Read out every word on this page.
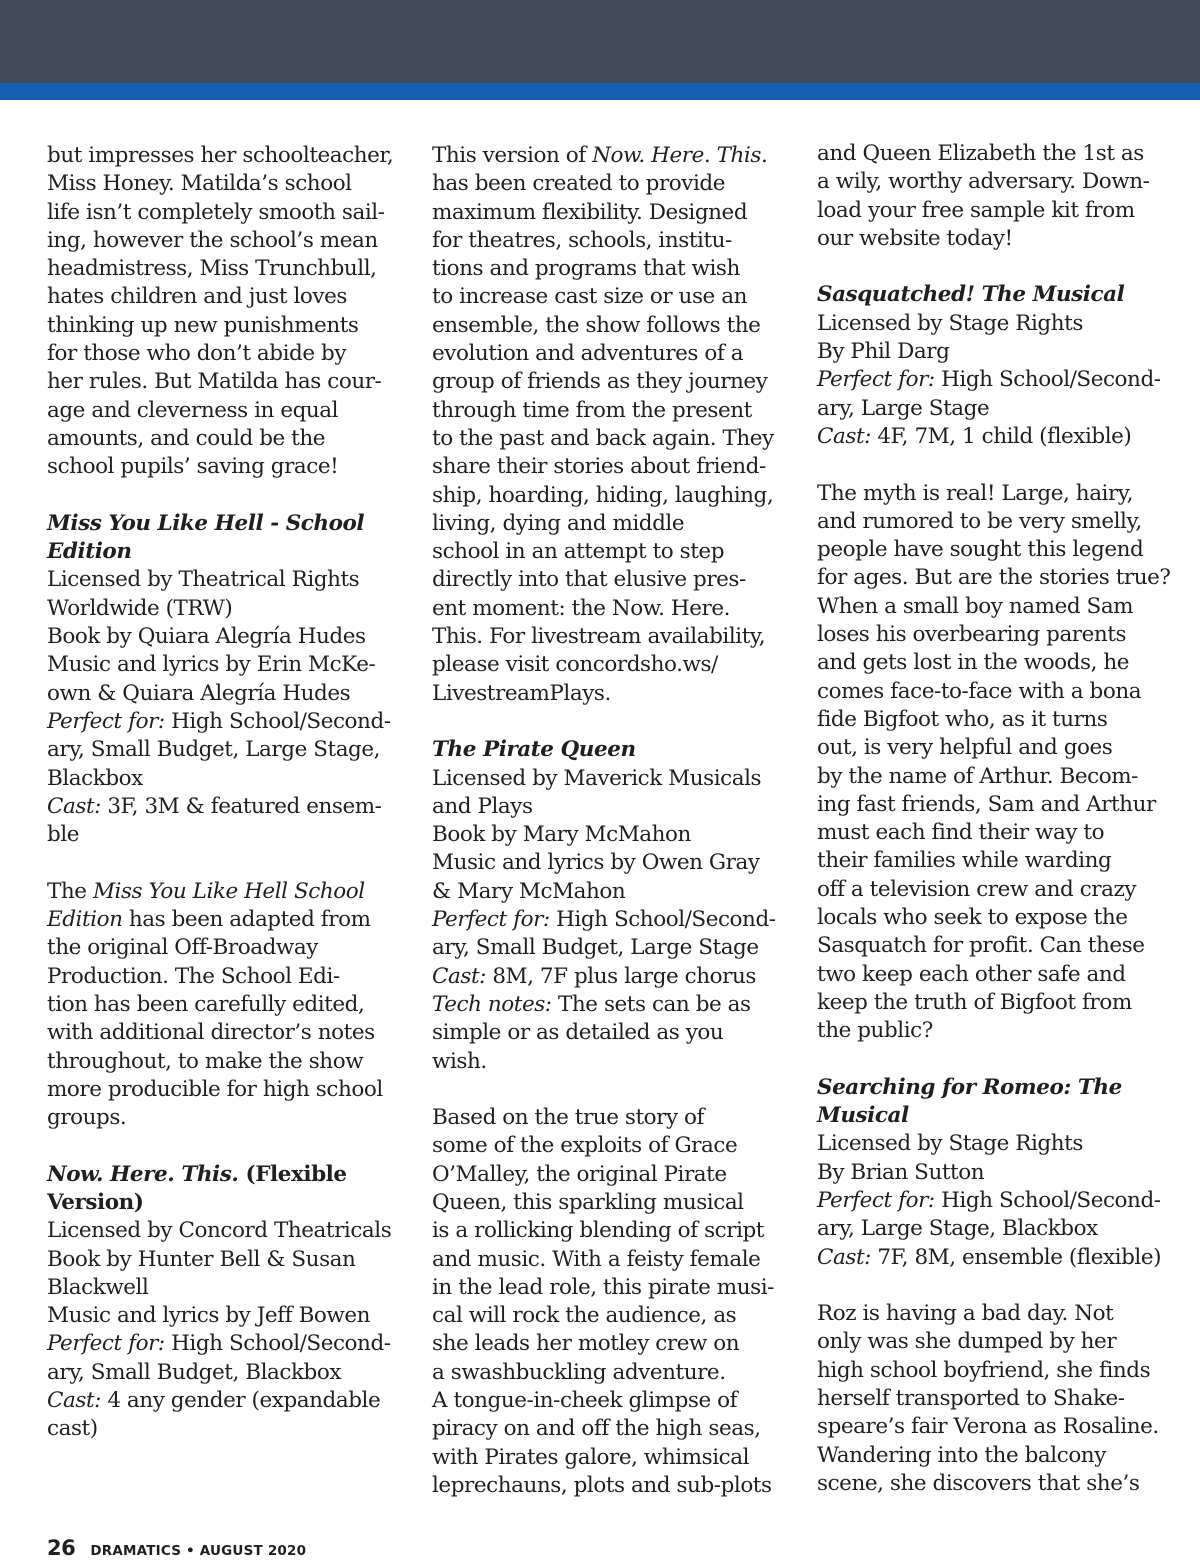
but impresses her schoolteacher,
Miss Honey. Matilda’s school
life isn’t completely smooth sail-
ing, however the school’s mean
headmistress, Miss Trunchbull,
hates children and just loves
thinking up new punishments
for those who don’t abide by
her rules. But Matilda has cour-
age and cleverness in equal
amounts, and could be the
school pupils’ saving grace!

Miss You Like Hell - School
Edition
Licensed by Theatrical Rights
Worldwide (TRW)
Book by Quiara Alegría Hudes
Music and lyrics by Erin McKe-
own & Quiara Alegría Hudes
Perfect for: High School/Second-
ary, Small Budget, Large Stage,
Blackbox
Cast: 3F, 3M & featured ensem-
ble

The Miss You Like Hell School
Edition has been adapted from
the original Off-Broadway
Production. The School Edi-
tion has been carefully edited,
with additional director’s notes
throughout, to make the show
more producible for high school
groups.

Now. Here. This. (Flexible
Version)
Licensed by Concord Theatricals
Book by Hunter Bell & Susan
Blackwell
Music and lyrics by Jeff Bowen
Perfect for: High School/Second-
ary, Small Budget, Blackbox
Cast: 4 any gender (expandable
cast)

This version of Now. Here. This.
has been created to provide
maximum flexibility. Designed
for theatres, schools, institu-
tions and programs that wish
to increase cast size or use an
ensemble, the show follows the
evolution and adventures of a
group of friends as they journey
through time from the present
to the past and back again. They
share their stories about friend-
ship, hoarding, hiding, laughing,
living, dying and middle
school in an attempt to step
directly into that elusive pres-
ent moment: the Now. Here.
This. For livestream availability,
please visit concordsho.ws/
LivestreamPlays.

The Pirate Queen
Licensed by Maverick Musicals
and Plays
Book by Mary McMahon
Music and lyrics by Owen Gray
& Mary McMahon
Perfect for: High School/Second-
ary, Small Budget, Large Stage
Cast: 8M, 7F plus large chorus
Tech notes: The sets can be as
simple or as detailed as you
wish.

Based on the true story of
some of the exploits of Grace
O’Malley, the original Pirate
Queen, this sparkling musical
is a rollicking blending of script
and music. With a feisty female
in the lead role, this pirate musi-
cal will rock the audience, as
she leads her motley crew on
a swashbuckling adventure.
A tongue-in-cheek glimpse of
piracy on and off the high seas,
with Pirates galore, whimsical
leprechauns, plots and sub-plots

and Queen Elizabeth the 1st as
a wily, worthy adversary. Down-
load your free sample kit from
our website today!

Sasquatched! The Musical
Licensed by Stage Rights
By Phil Darg
Perfect for: High School/Second-
ary, Large Stage
Cast: 4F, 7M, 1 child (flexible)

The myth is real! Large, hairy,
and rumored to be very smelly,
people have sought this legend
for ages. But are the stories true?
When a small boy named Sam
loses his overbearing parents
and gets lost in the woods, he
comes face-to-face with a bona
fide Bigfoot who, as it turns
out, is very helpful and goes
by the name of Arthur. Becom-
ing fast friends, Sam and Arthur
must each find their way to
their families while warding
off a television crew and crazy
locals who seek to expose the
Sasquatch for profit. Can these
two keep each other safe and
keep the truth of Bigfoot from
the public?

Searching for Romeo: The
Musical
Licensed by Stage Rights
By Brian Sutton
Perfect for: High School/Second-
ary, Large Stage, Blackbox
Cast: 7F, 8M, ensemble (flexible)

Roz is having a bad day. Not
only was she dumped by her
high school boyfriend, she finds
herself transported to Shake-
speare’s fair Verona as Rosaline.
Wandering into the balcony
scene, she discovers that she’s

26 DRAMATICS • AUGUST 2020
